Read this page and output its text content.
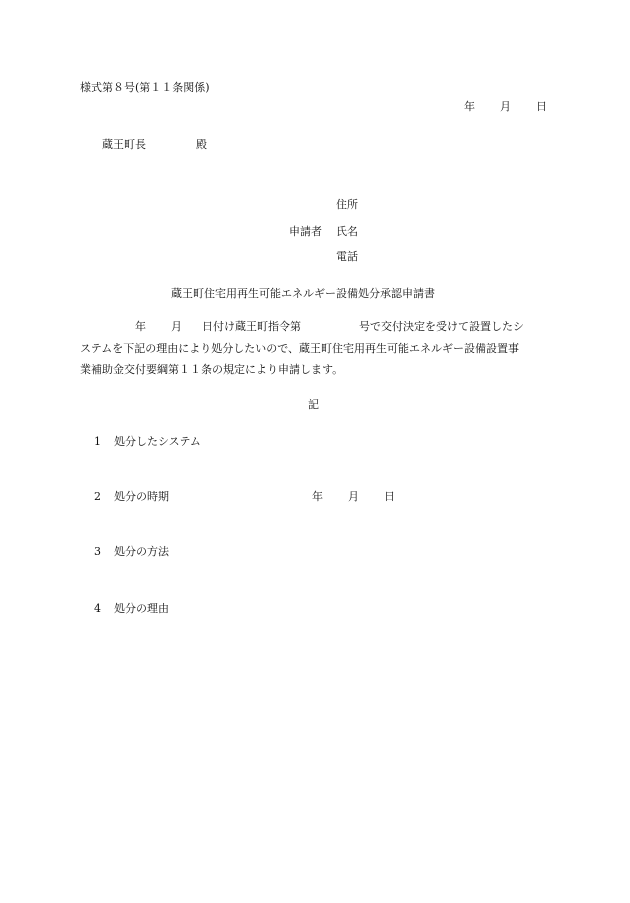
様式第８号(第１１条関係)
年 月 日
蔵王町長	殿
住所
申請者 氏名
電話
蔵王町住宅用再生可能エネルギー設備処分承認申請書
年 月 日付け蔵王町指令第	号で交付決定を受けて設置したシ
ステムを下記の理由により処分したいので、蔵王町住宅用再生可能エネルギー設備設置事
業補助金交付要綱第１１条の規定により申請します。
記
1 処分したシステム
2 処分の時期	年 月 日
3 処分の方法
4 処分の理由
